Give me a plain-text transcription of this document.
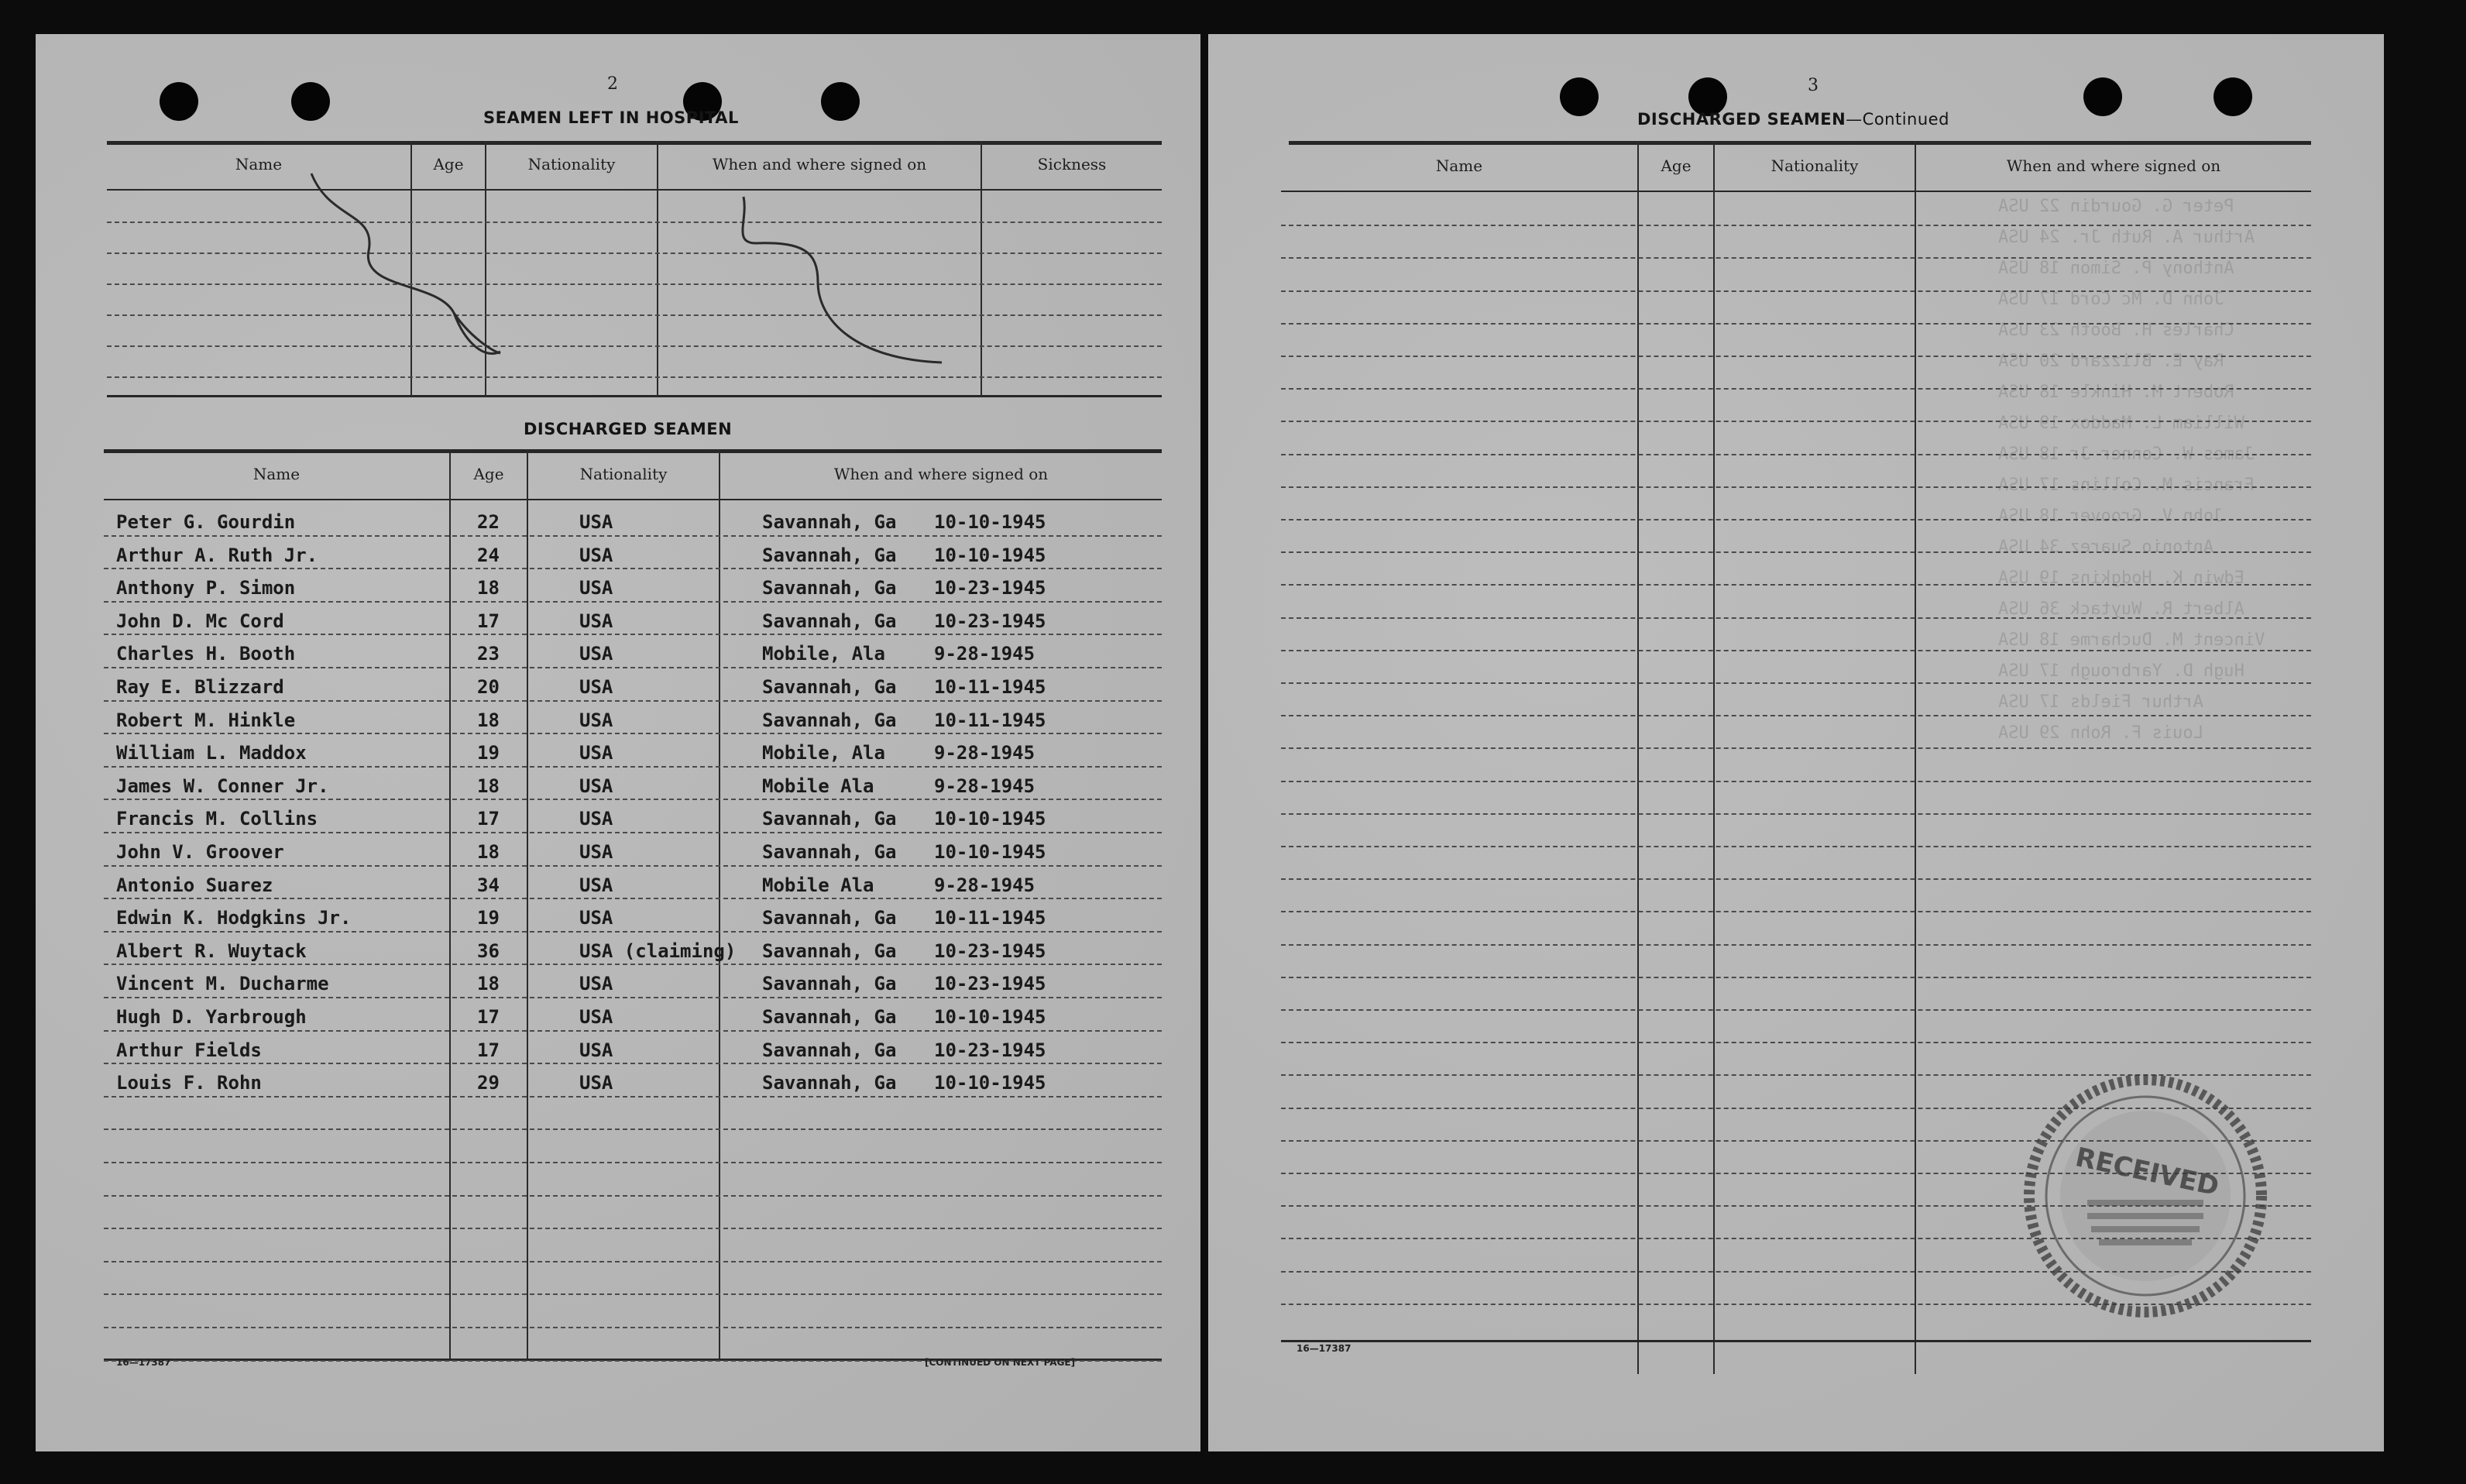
2
SEAMEN LEFT IN HOSPITAL
Name	Age	Nationality	When and where signed on	Sickness
DISCHARGED SEAMEN
Name	Age	Nationality	When and where signed on
Peter G. Gourdin	22	USA	Savannah, Ga 10-10-1945
Arthur A. Ruth Jr.	24	USA	Savannah, Ga 10-10-1945
Anthony P. Simon	18	USA	Savannah, Ga 10-23-1945
John D. Mc Cord	17	USA	Savannah, Ga 10-23-1945
Charles H. Booth	23	USA	Mobile, Ala	9-28-1945
Ray E. Blizzard	20	USA	Savannah, Ga 10-11-1945
Robert M. Hinkle	18	USA	Savannah, Ga 10-11-1945
William L. Maddox	19	USA	Mobile, Ala	9-28-1945
James W. Conner Jr.	18	USA	Mobile Ala	9-28-1945
Francis M. Collins	17	USA	Savannah, Ga 10-10-1945
John V. Groover	18	USA	Savannah, Ga 10-10-1945
Antonio Suarez	34	USA	Mobile Ala	9-28-1945
Edwin K. Hodgkins Jr.	19	USA	Savannah, Ga 10-11-1945
Albert R. Wuytack	36	USA (claiming) Savannah, Ga 10-23-1945
Vincent M. Ducharme	18	USA	Savannah, Ga 10-23-1945
Hugh D. Yarbrough	17	USA	Savannah, Ga 10-10-1945
Arthur Fields	17	USA	Savannah, Ga 10-23-1945
Louis F. Rohn	29	USA	Savannah, Ga 10-10-1945
16—17387	[CONTINUED ON NEXT PAGE]
3
DISCHARGED SEAMEN—Continued
Name	Age	Nationality	When and where signed on
Peter G. Gourdin 22 USA
Arthur A. Ruth Jr. 24 USA
Anthony P. Simon 18 USA
John D. Mc Cord 17 USA
Charles H. Booth 23 USA
Ray E. Blizzard 20 USA
Robert M. Hinkle 18 USA
William L. Maddox 19 USA
James W. Conner Jr 18 USA
Francis M. Collins 17 USA
John V. Groover 18 USA
Antonio Suarez 34 USA
Edwin K. Hodgkins 19 USA
Albert R. Wuytack 36 USA
Vincent M. Ducharme 18 USA
Hugh D. Yarbrough 17 USA
Arthur Fields 17 USA
Louis F. Rohn 29 USA
RECEIVED
16—17387
